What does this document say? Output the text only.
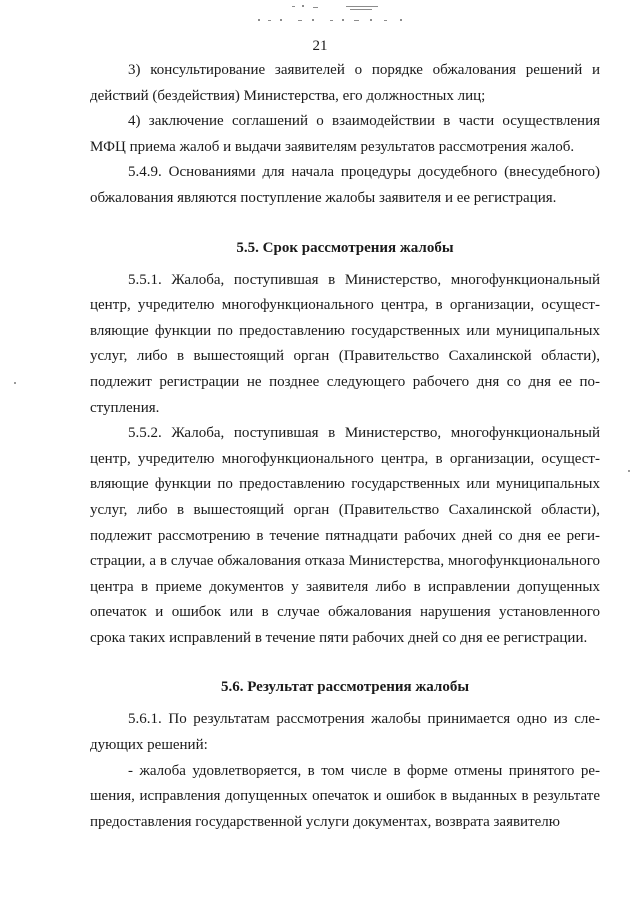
21

3) консультирование заявителей о порядке обжалования решений и действий (бездействия) Министерства, его должностных лиц;

4) заключение соглашений о взаимодействии в части осуществления МФЦ приема жалоб и выдачи заявителям результатов рассмотрения жалоб.

5.4.9. Основаниями для начала процедуры досудебного (внесудебного) обжалования являются поступление жалобы заявителя и ее регистрация.

5.5. Срок рассмотрения жалобы

5.5.1. Жалоба, поступившая в Министерство, многофункциональный центр, учредителю многофункционального центра, в организации, осуществляющие функции по предоставлению государственных или муниципальных услуг, либо в вышестоящий орган (Правительство Сахалинской области), подлежит регистрации не позднее следующего рабочего дня со дня ее поступления.

5.5.2. Жалоба, поступившая в Министерство, многофункциональный центр, учредителю многофункционального центра, в организации, осуществляющие функции по предоставлению государственных или муниципальных услуг, либо в вышестоящий орган (Правительство Сахалинской области), подлежит рассмотрению в течение пятнадцати рабочих дней со дня ее регистрации, а в случае обжалования отказа Министерства, многофункционального центра в приеме документов у заявителя либо в исправлении допущенных опечаток и ошибок или в случае обжалования нарушения установленного срока таких исправлений в течение пяти рабочих дней со дня ее регистрации.

5.6. Результат рассмотрения жалобы

5.6.1. По результатам рассмотрения жалобы принимается одно из следующих решений:

- жалоба удовлетворяется, в том числе в форме отмены принятого решения, исправления допущенных опечаток и ошибок в выданных в результате предоставления государственной услуги документах, возврата заявителю
